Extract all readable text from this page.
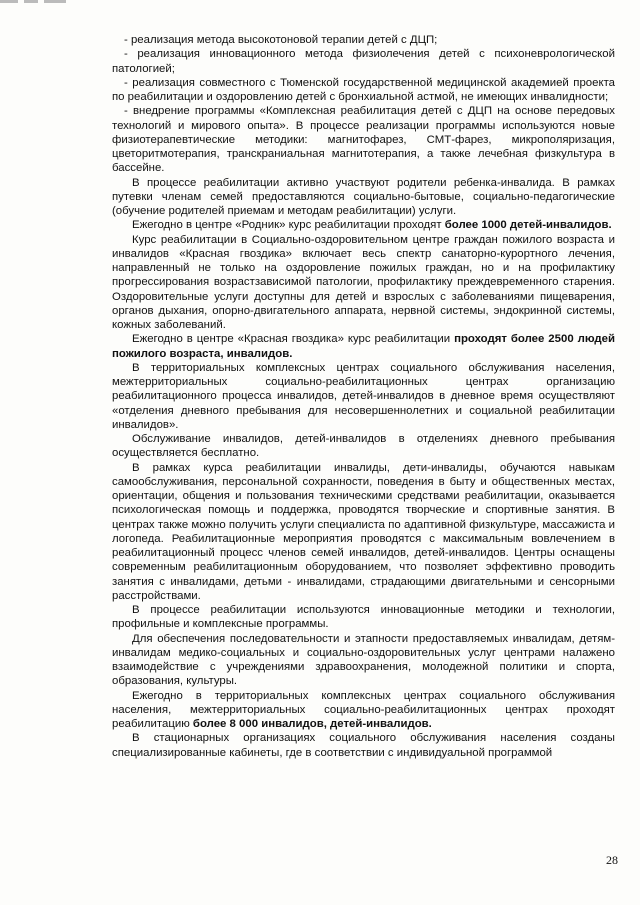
- реализация метода высокотоновой терапии детей с ДЦП;

- реализация инновационного метода физиолечения детей с психоневрологической патологией;

- реализация совместного с Тюменской государственной медицинской академией проекта по реабилитации и оздоровлению детей с бронхиальной астмой, не имеющих инвалидности;

- внедрение программы «Комплексная реабилитация детей с ДЦП на основе передовых технологий и мирового опыта». В процессе реализации программы используются новые физиотерапевтические методики: магнитофарез, СМТ-фарез, микрополяризация, цветоритмотерапия, транскраниальная магнитотерапия, а также лечебная физкультура в бассейне.

В процессе реабилитации активно участвуют родители ребенка-инвалида. В рамках путевки членам семей предоставляются социально-бытовые, социально-педагогические (обучение родителей приемам и методам реабилитации) услуги.

Ежегодно в центре «Родник» курс реабилитации проходят более 1000 детей-инвалидов.

Курс реабилитации в Социально-оздоровительном центре граждан пожилого возраста и инвалидов «Красная гвоздика» включает весь спектр санаторно-курортного лечения, направленный не только на оздоровление пожилых граждан, но и на профилактику прогрессирования возрастзависимой патологии, профилактику преждевременного старения. Оздоровительные услуги доступны для детей и взрослых с заболеваниями пищеварения, органов дыхания, опорно-двигательного аппарата, нервной системы, эндокринной системы, кожных заболеваний.

Ежегодно в центре «Красная гвоздика» курс реабилитации проходят более 2500 людей пожилого возраста, инвалидов.

В территориальных комплексных центрах социального обслуживания населения, межтерриториальных социально-реабилитационных центрах организацию реабилитационного процесса инвалидов, детей-инвалидов в дневное время осуществляют «отделения дневного пребывания для несовершеннолетних и социальной реабилитации инвалидов».

Обслуживание инвалидов, детей-инвалидов в отделениях дневного пребывания осуществляется бесплатно.

В рамках курса реабилитации инвалиды, дети-инвалиды, обучаются навыкам самообслуживания, персональной сохранности, поведения в быту и общественных местах, ориентации, общения и пользования техническими средствами реабилитации, оказывается психологическая помощь и поддержка, проводятся творческие и спортивные занятия. В центрах также можно получить услуги специалиста по адаптивной физкультуре, массажиста и логопеда. Реабилитационные мероприятия проводятся с максимальным вовлечением в реабилитационный процесс членов семей инвалидов, детей-инвалидов. Центры оснащены современным реабилитационным оборудованием, что позволяет эффективно проводить занятия с инвалидами, детьми - инвалидами, страдающими двигательными и сенсорными расстройствами.

В процессе реабилитации используются инновационные методики и технологии, профильные и комплексные программы.

Для обеспечения последовательности и этапности предоставляемых инвалидам, детям-инвалидам медико-социальных и социально-оздоровительных услуг центрами налажено взаимодействие с учреждениями здравоохранения, молодежной политики и спорта, образования, культуры.

Ежегодно в территориальных комплексных центрах социального обслуживания населения, межтерриториальных социально-реабилитационных центрах проходят реабилитацию более 8 000 инвалидов, детей-инвалидов.

В стационарных организациях социального обслуживания населения созданы специализированные кабинеты, где в соответствии с индивидуальной программой

28
